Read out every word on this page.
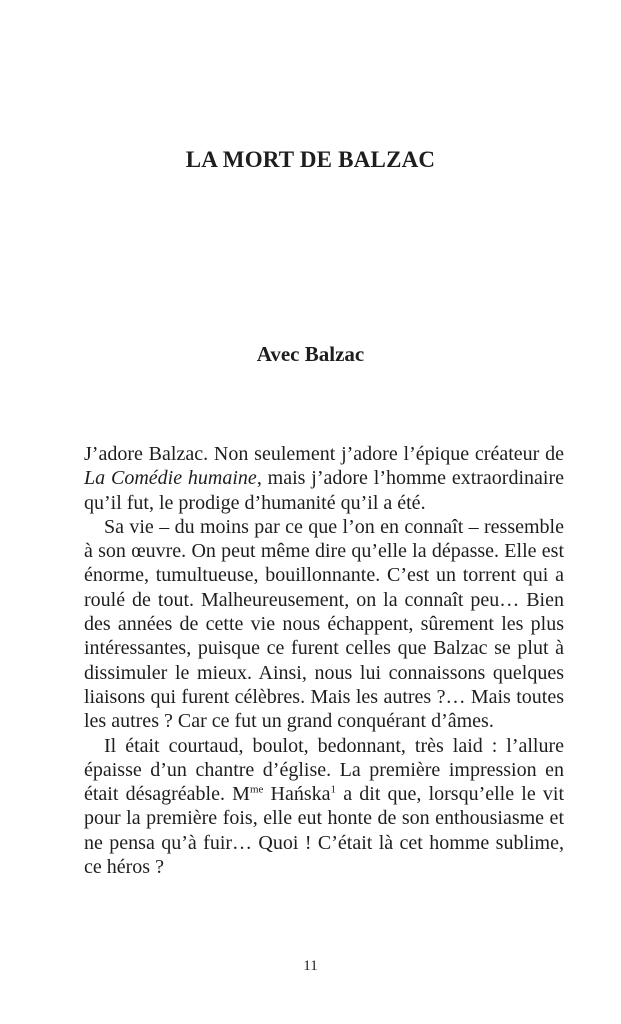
LA MORT DE BALZAC
Avec Balzac

J’adore Balzac. Non seulement j’adore l’épique créateur de La Comédie humaine, mais j’adore l’homme extraordinaire qu’il fut, le prodige d’humanité qu’il a été.

Sa vie – du moins par ce que l’on en connaît – ressemble à son œuvre. On peut même dire qu’elle la dépasse. Elle est énorme, tumultueuse, bouillonnante. C’est un torrent qui a roulé de tout. Malheureusement, on la connaît peu… Bien des années de cette vie nous échappent, sûrement les plus intéressantes, puisque ce furent celles que Balzac se plut à dissimuler le mieux. Ainsi, nous lui connaissons quelques liaisons qui furent célèbres. Mais les autres ?… Mais toutes les autres ? Car ce fut un grand conquérant d’âmes.

Il était courtaud, boulot, bedonnant, très laid : l’allure épaisse d’un chantre d’église. La première impression en était désagréable. $M^{me}$ Hańska$^1$ a dit que, lorsqu’elle le vit pour la première fois, elle eut honte de son enthousiasme et ne pensa qu’à fuir… Quoi ! C’était là cet homme sublime, ce héros ?

11
